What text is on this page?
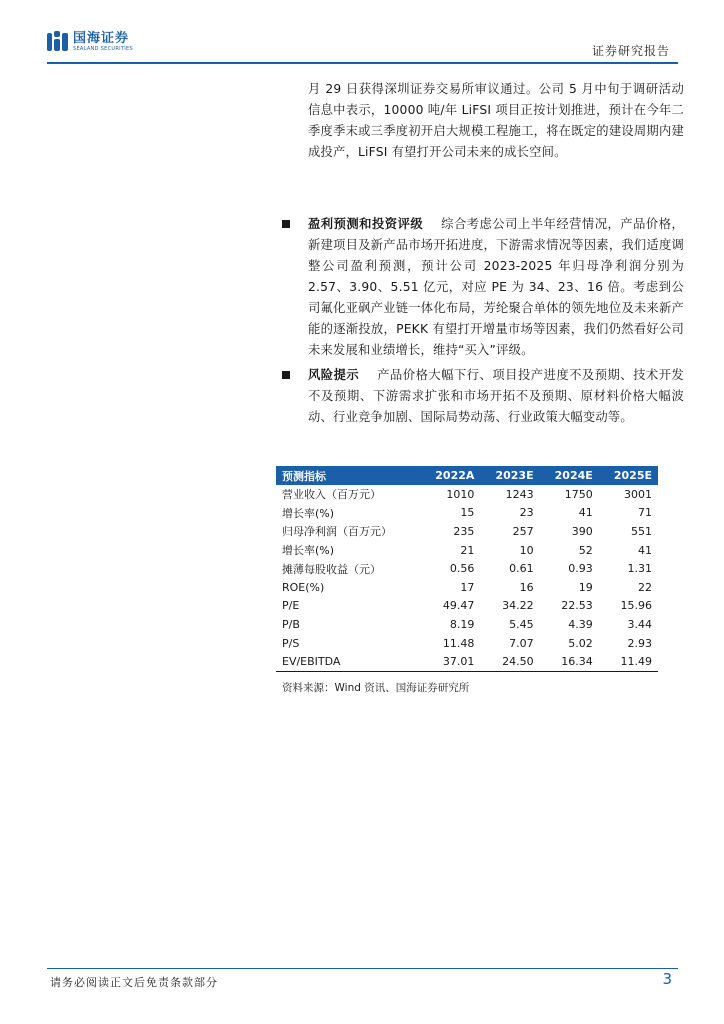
国海证券
SEALAND SECURITIES	证券研究报告
月 29 日获得深圳证券交易所审议通过。公司 5 月中旬于调研活动信息中表示，10000 吨/年 LiFSI 项目正按计划推进，预计在今年二季度季末或三季度初开启大规模工程施工，将在既定的建设周期内建成投产，LiFSI 有望打开公司未来的成长空间。
盈利预测和投资评级 综合考虑公司上半年经营情况，产品价格，新建项目及新产品市场开拓进度，下游需求情况等因素，我们适度调整公司盈利预测，预计公司 2023-2025 年归母净利润分别为 2.57、3.90、5.51 亿元，对应 PE 为 34、23、16 倍。考虑到公司氟化亚砜产业链一体化布局，芳纶聚合单体的领先地位及未来新产能的逐渐投放，PEKK 有望打开增量市场等因素，我们仍然看好公司未来发展和业绩增长，维持“买入”评级。
风险提示 产品价格大幅下行、项目投产进度不及预期、技术开发不及预期、下游需求扩张和市场开拓不及预期、原材料价格大幅波动、行业竞争加剧、国际局势动荡、行业政策大幅变动等。
预测指标	2022A	2023E	2024E	2025E
营业收入（百万元）	1010	1243	1750	3001
增长率(%)	15	23	41	71
归母净利润（百万元）	235	257	390	551
增长率(%)	21	10	52	41
摊薄每股收益（元）	0.56	0.61	0.93	1.31
ROE(%)	17	16	19	22
P/E	49.47	34.22	22.53	15.96
P/B	8.19	5.45	4.39	3.44
P/S	11.48	7.07	5.02	2.93
EV/EBITDA	37.01	24.50	16.34	11.49
资料来源：Wind 资讯、国海证券研究所
请务必阅读正文后免责条款部分	3
